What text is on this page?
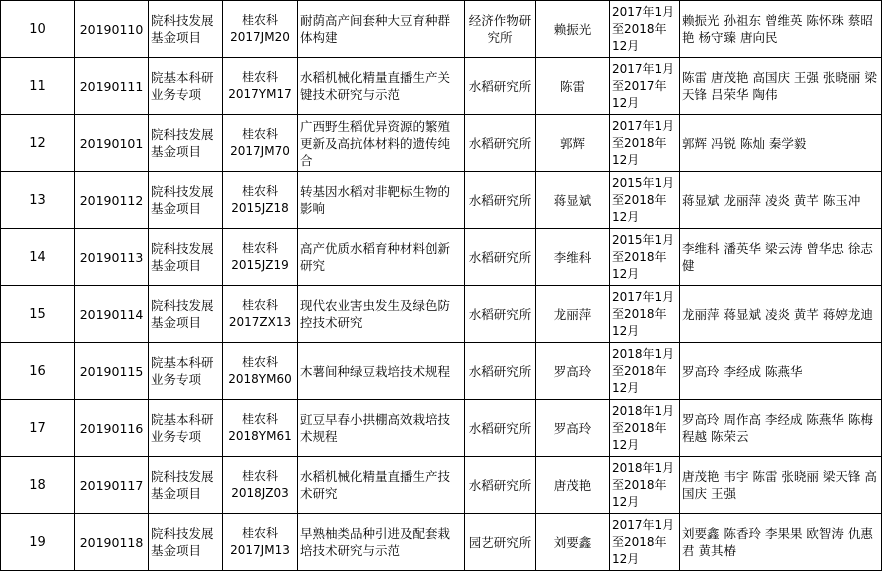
10	20190110	院科技发展基金项目	桂农科2017JM20	耐荫高产间套种大豆育种群体构建	经济作物研究所	赖振光	2017年1月至2018年12月	赖振光 孙祖东 曾维英 陈怀珠 蔡昭艳 杨守臻 唐向民
11	20190111	院基本科研业务专项	桂农科2017YM17	水稻机械化精量直播生产关键技术研究与示范	水稻研究所	陈雷	2017年1月至2017年12月	陈雷 唐茂艳 高国庆 王强 张晓丽 梁天锋 吕荣华 陶伟
12	20190101	院科技发展基金项目	桂农科2017JM70	广西野生稻优异资源的繁殖更新及高抗体材料的遗传纯合	水稻研究所	郭辉	2017年1月至2018年12月	郭辉 冯锐 陈灿 秦学毅
13	20190112	院科技发展基金项目	桂农科2015JZ18	转基因水稻对非靶标生物的影响	水稻研究所	蒋显斌	2015年1月至2018年12月	蒋显斌 龙丽萍 凌炎 黄芊 陈玉冲
14	20190113	院科技发展基金项目	桂农科2015JZ19	高产优质水稻育种材料创新研究	水稻研究所	李维科	2015年1月至2018年12月	李维科 潘英华 梁云涛 曾华忠 徐志健
15	20190114	院科技发展基金项目	桂农科2017ZX13	现代农业害虫发生及绿色防控技术研究	水稻研究所	龙丽萍	2017年1月至2018年12月	龙丽萍 蒋显斌 凌炎 黄芊 蒋婷龙迪
16	20190115	院基本科研业务专项	桂农科2018YM60	木薯间种绿豆栽培技术规程	水稻研究所	罗高玲	2018年1月至2018年12月	罗高玲 李经成 陈燕华
17	20190116	院基本科研业务专项	桂农科2018YM61	豇豆早春小拱棚高效栽培技术规程	水稻研究所	罗高玲	2018年1月至2018年12月	罗高玲 周作高 李经成 陈燕华 陈梅 程越 陈荣云
18	20190117	院科技发展基金项目	桂农科2018JZ03	水稻机械化精量直播生产技术研究	水稻研究所	唐茂艳	2018年1月至2018年12月	唐茂艳 韦宇 陈雷 张晓丽 梁天锋 高国庆 王强
19	20190118	院科技发展基金项目	桂农科2017JM13	早熟柚类品种引进及配套栽培技术研究与示范	园艺研究所	刘要鑫	2017年1月至2018年12月	刘要鑫 陈香玲 李果果 欧智涛 仇惠君 黄其椿
